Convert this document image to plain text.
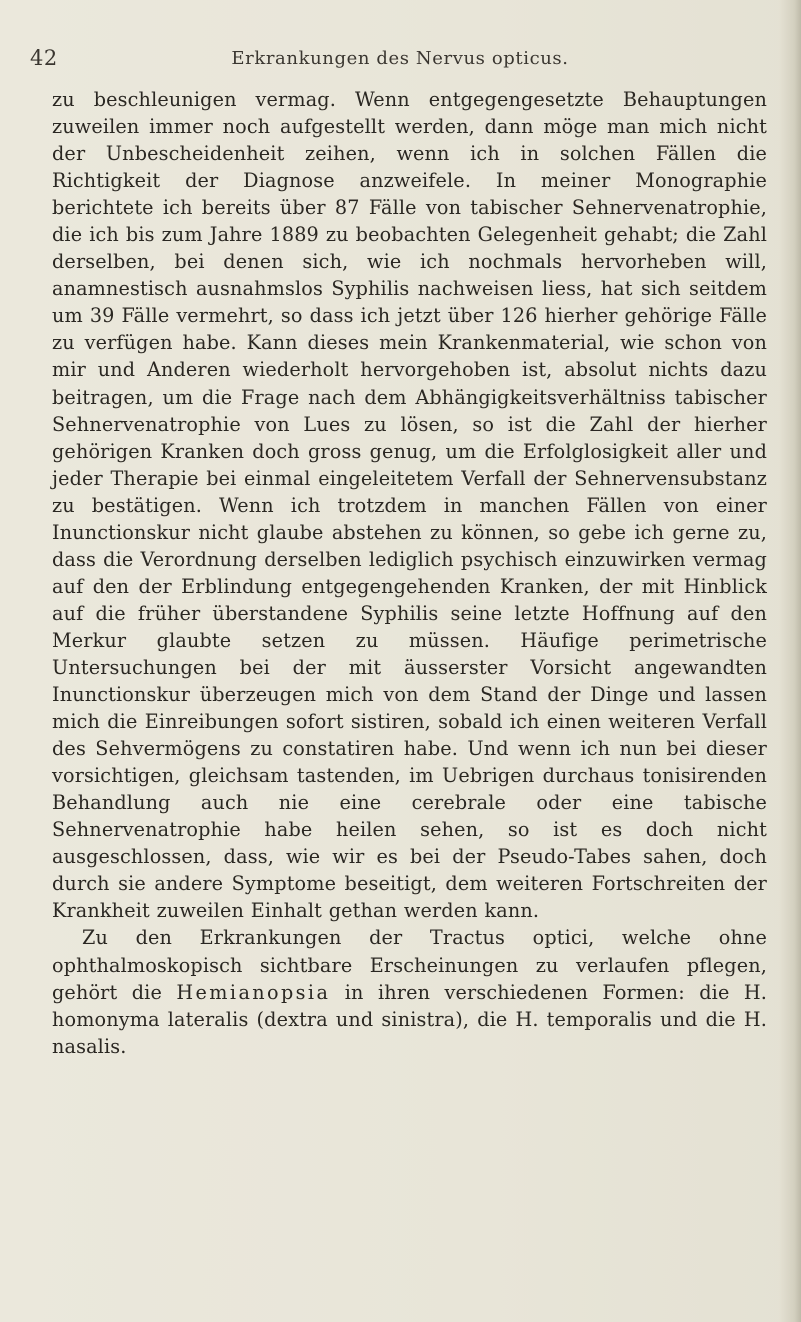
42	Erkrankungen des Nervus opticus.

zu beschleunigen vermag. Wenn entgegengesetzte Behauptungen zuweilen immer noch aufgestellt werden, dann möge man mich nicht der Unbescheidenheit zeihen, wenn ich in solchen Fällen die Richtigkeit der Diagnose anzweifele. In meiner Monographie berichtete ich bereits über 87 Fälle von tabischer Sehnervenatrophie, die ich bis zum Jahre 1889 zu beobachten Gelegenheit gehabt; die Zahl derselben, bei denen sich, wie ich nochmals hervorheben will, anamnestisch ausnahmslos Syphilis nachweisen liess, hat sich seitdem um 39 Fälle vermehrt, so dass ich jetzt über 126 hierher gehörige Fälle zu verfügen habe. Kann dieses mein Krankenmaterial, wie schon von mir und Anderen wiederholt hervorgehoben ist, absolut nichts dazu beitragen, um die Frage nach dem Abhängigkeitsverhältniss tabischer Sehnervenatrophie von Lues zu lösen, so ist die Zahl der hierher gehörigen Kranken doch gross genug, um die Erfolglosigkeit aller und jeder Therapie bei einmal eingeleitetem Verfall der Sehnervensubstanz zu bestätigen. Wenn ich trotzdem in manchen Fällen von einer Inunctionskur nicht glaube abstehen zu können, so gebe ich gerne zu, dass die Verordnung derselben lediglich psychisch einzuwirken vermag auf den der Erblindung entgegengehenden Kranken, der mit Hinblick auf die früher überstandene Syphilis seine letzte Hoffnung auf den Merkur glaubte setzen zu müssen. Häufige perimetrische Untersuchungen bei der mit äusserster Vorsicht angewandten Inunctionskur überzeugen mich von dem Stand der Dinge und lassen mich die Einreibungen sofort sistiren, sobald ich einen weiteren Verfall des Sehvermögens zu constatiren habe. Und wenn ich nun bei dieser vorsichtigen, gleichsam tastenden, im Uebrigen durchaus tonisirenden Behandlung auch nie eine cerebrale oder eine tabische Sehnervenatrophie habe heilen sehen, so ist es doch nicht ausgeschlossen, dass, wie wir es bei der Pseudo-Tabes sahen, doch durch sie andere Symptome beseitigt, dem weiteren Fortschreiten der Krankheit zuweilen Einhalt gethan werden kann.

Zu den Erkrankungen der Tractus optici, welche ohne ophthalmoskopisch sichtbare Erscheinungen zu verlaufen pflegen, gehört die Hemianopsia in ihren verschiedenen Formen: die H. homonyma lateralis (dextra und sinistra), die H. temporalis und die H. nasalis.
